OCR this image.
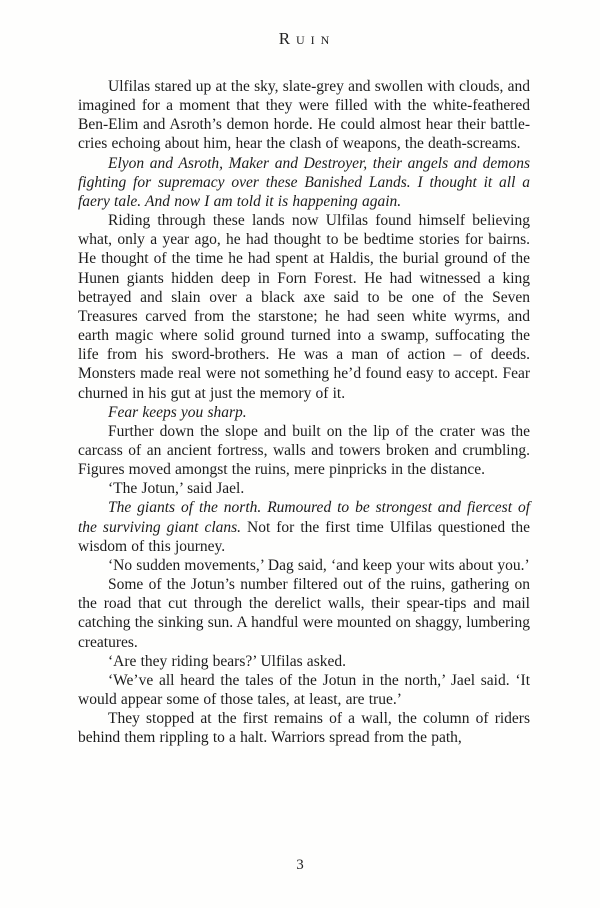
Ruin

Ulfilas stared up at the sky, slate-grey and swollen with clouds, and imagined for a moment that they were filled with the white-feathered Ben-Elim and Asroth’s demon horde. He could almost hear their battle-cries echoing about him, hear the clash of weapons, the death-screams.

Elyon and Asroth, Maker and Destroyer, their angels and demons fighting for supremacy over these Banished Lands. I thought it all a faery tale. And now I am told it is happening again.

Riding through these lands now Ulfilas found himself believing what, only a year ago, he had thought to be bedtime stories for bairns. He thought of the time he had spent at Haldis, the burial ground of the Hunen giants hidden deep in Forn Forest. He had witnessed a king betrayed and slain over a black axe said to be one of the Seven Treasures carved from the starstone; he had seen white wyrms, and earth magic where solid ground turned into a swamp, suffocating the life from his sword-brothers. He was a man of action – of deeds. Monsters made real were not something he’d found easy to accept. Fear churned in his gut at just the memory of it.

Fear keeps you sharp.

Further down the slope and built on the lip of the crater was the carcass of an ancient fortress, walls and towers broken and crumbling. Figures moved amongst the ruins, mere pinpricks in the distance.

‘The Jotun,’ said Jael.

The giants of the north. Rumoured to be strongest and fiercest of the surviving giant clans. Not for the first time Ulfilas questioned the wisdom of this journey.

‘No sudden movements,’ Dag said, ‘and keep your wits about you.’

Some of the Jotun’s number filtered out of the ruins, gathering on the road that cut through the derelict walls, their spear-tips and mail catching the sinking sun. A handful were mounted on shaggy, lumbering creatures.

‘Are they riding bears?’ Ulfilas asked.

‘We’ve all heard the tales of the Jotun in the north,’ Jael said. ‘It would appear some of those tales, at least, are true.’

They stopped at the first remains of a wall, the column of riders behind them rippling to a halt. Warriors spread from the path,

3
